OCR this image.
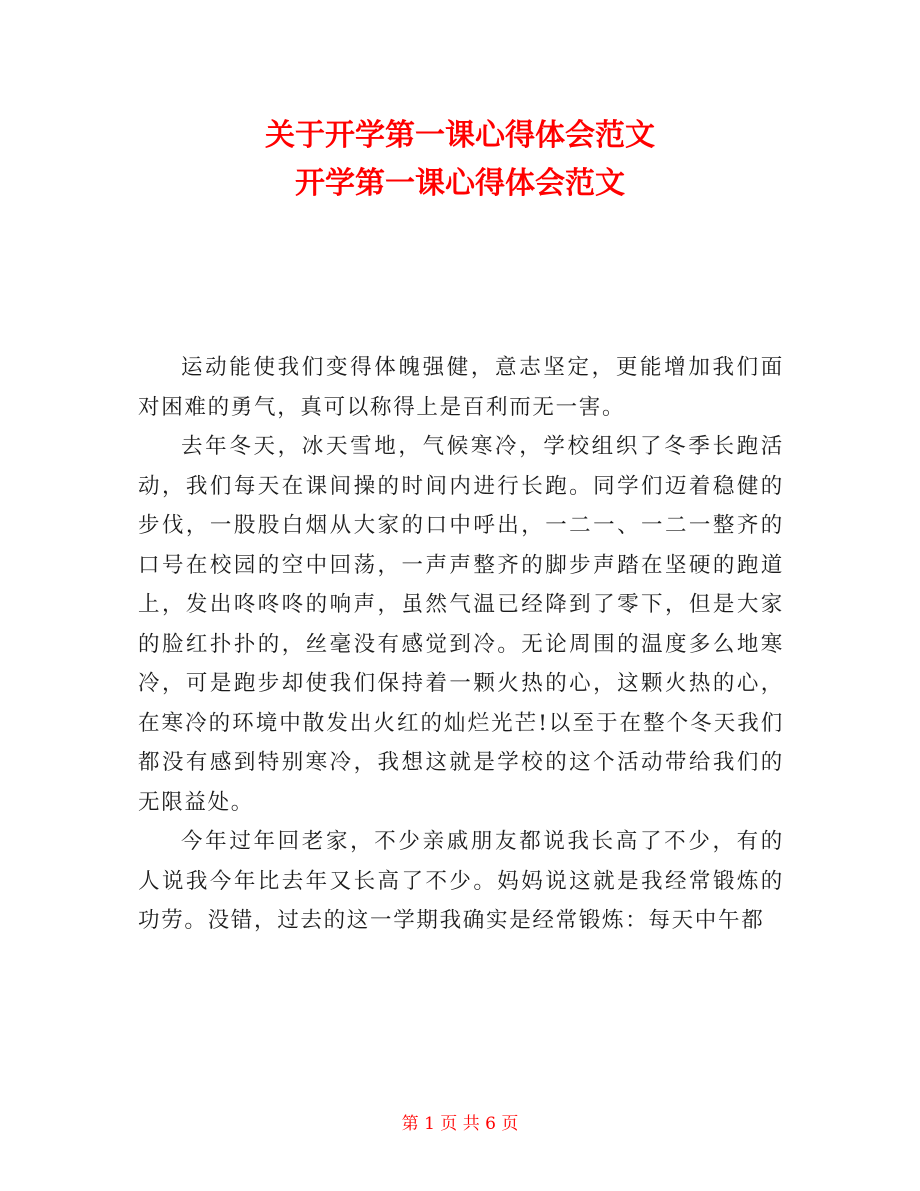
关于开学第一课心得体会范文
开学第一课心得体会范文

运动能使我们变得体魄强健，意志坚定，更能增加我们面对困难的勇气，真可以称得上是百利而无一害。

去年冬天，冰天雪地，气候寒冷，学校组织了冬季长跑活动，我们每天在课间操的时间内进行长跑。同学们迈着稳健的步伐，一股股白烟从大家的口中呼出，一二一、一二一整齐的口号在校园的空中回荡，一声声整齐的脚步声踏在坚硬的跑道上，发出咚咚咚的响声，虽然气温已经降到了零下，但是大家的脸红扑扑的，丝毫没有感觉到冷。无论周围的温度多么地寒冷，可是跑步却使我们保持着一颗火热的心，这颗火热的心，在寒冷的环境中散发出火红的灿烂光芒!以至于在整个冬天我们都没有感到特别寒冷，我想这就是学校的这个活动带给我们的无限益处。

今年过年回老家，不少亲戚朋友都说我长高了不少，有的人说我今年比去年又长高了不少。妈妈说这就是我经常锻炼的功劳。没错，过去的这一学期我确实是经常锻炼：每天中午都

第 1 页 共 6 页
